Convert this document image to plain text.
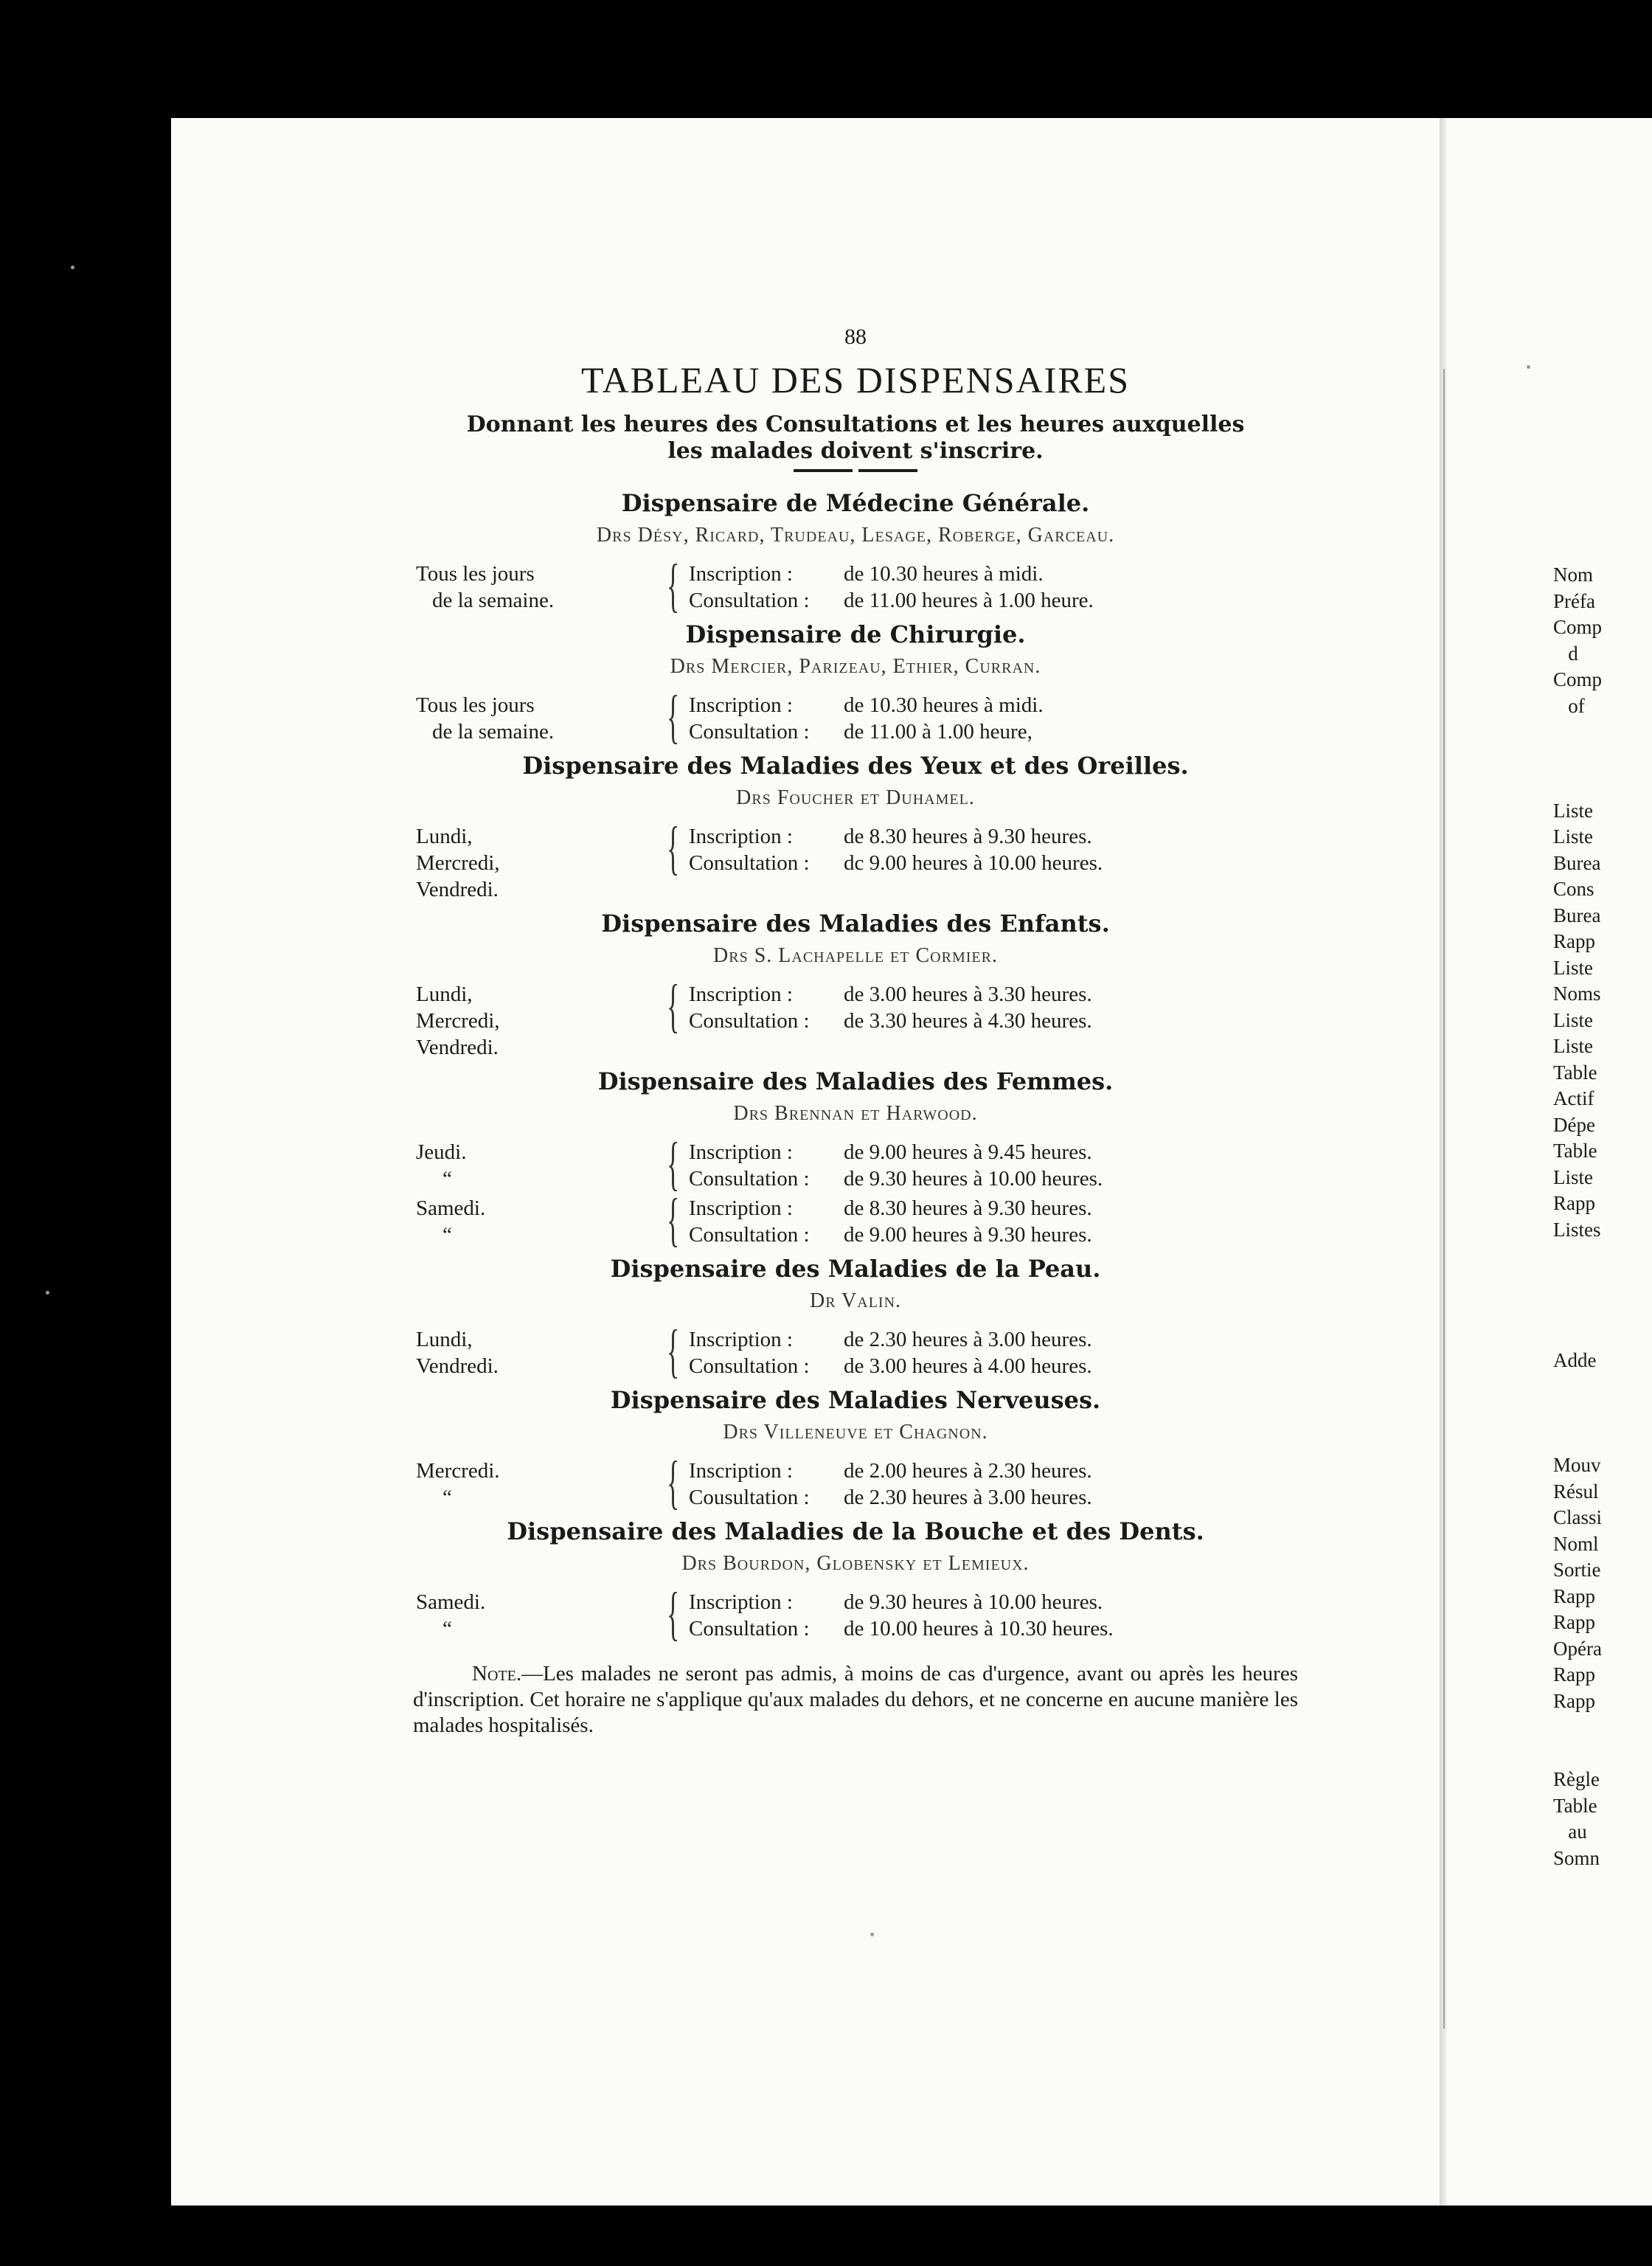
88
TABLEAU DES DISPENSAIRES
Donnant les heures des Consultations et les heures auxquelles
les malades doivent s'inscrire.
Dispensaire de Médecine Générale.
Drs Désy, Ricard, Trudeau, Lesage, Roberge, Garceau.
Tous les jours
de la semaine.	{ Inscription :	de 10.30 heures à midi.
Consultation :	de 11.00 heures à 1.00 heure.
Dispensaire de Chirurgie.
Drs Mercier, Parizeau, Ethier, Curran.
Tous les jours
de la semaine.	{ Inscription :	de 10.30 heures à midi.
Consultation :	de 11.00 à 1.00 heure,
Dispensaire des Maladies des Yeux et des Oreilles.
Drs Foucher et Duhamel.
Lundi,
Mercredi,
Vendredi.
{ Inscription :	de 8.30 heures à 9.30 heures.
Consultation :	dc 9.00 heures à 10.00 heures.
Dispensaire des Maladies des Enfants.
Drs S. Lachapelle et Cormier.
Lundi,
Mercredi,
Vendredi.
{ Inscription :	de 3.00 heures à 3.30 heures.
Consultation :	de 3.30 heures à 4.30 heures.
Dispensaire des Maladies des Femmes.
Drs Brennan et Harwood.
Jeudi.
“	{ Inscription :	de 9.00 heures à 9.45 heures.
Consultation :	de 9.30 heures à 10.00 heures.
Samedi.
“	{ Inscription :	de 8.30 heures à 9.30 heures.
Consultation :	de 9.00 heures à 9.30 heures.
Dispensaire des Maladies de la Peau.
Dr Valin.
Lundi,
Vendredi.	{ Inscription :	de 2.30 heures à 3.00 heures.
Consultation :	de 3.00 heures à 4.00 heures.
Dispensaire des Maladies Nerveuses.
Drs Villeneuve et Chagnon.
Mercredi.
“	{ Inscription :	de 2.00 heures à 2.30 heures.
Cousultation :	de 2.30 heures à 3.00 heures.
Dispensaire des Maladies de la Bouche et des Dents.
Drs Bourdon, Globensky et Lemieux.
Samedi.
“	{ Inscription :	de 9.30 heures à 10.00 heures.
Consultation :	de 10.00 heures à 10.30 heures.
Note.—Les malades ne seront pas admis, à moins de cas d'urgence, avant ou après les heures d'inscription. Cet horaire ne s'applique qu'aux malades du dehors, et ne concerne en aucune manière les malades hospitalisés.
Nom
Préfa
Comp
d
Comp
of
Liste
Liste
Burea
Cons
Burea
Rapp
Liste
Noms
Liste
Liste
Table
Actif
Dépe
Table
Liste
Rapp
Listes
Adde
Mouv
Résul
Classi
Noml
Sortie
Rapp
Rapp
Opéra
Rapp
Rapp
Règle
Table
au
Somn
